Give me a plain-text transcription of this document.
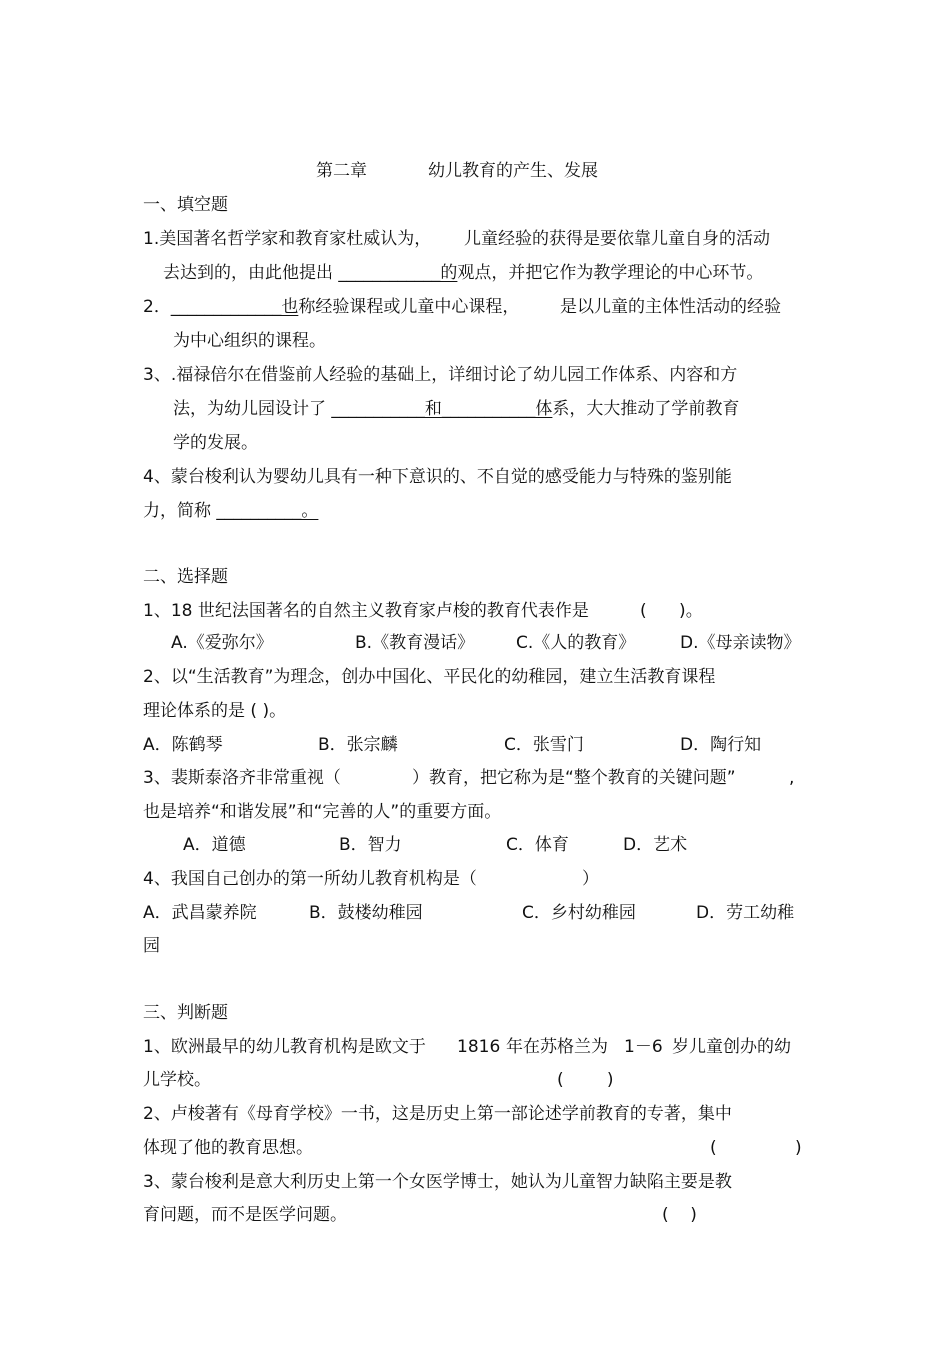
第二章	幼儿教育的产生、发展
一、填空题
1.美国著名哲学家和教育家杜威认为， 儿童经验的获得是要依靠儿童自身的活动
去达到的，由此他提出 ____________的观点，并把它作为教学理论的中心环节。
2．_____________也称经验课程或儿童中心课程， 是以儿童的主体性活动的经验
为中心组织的课程。
3、.福禄倍尔在借鉴前人经验的基础上，详细讨论了幼儿园工作体系、内容和方
法，为幼儿园设计了 ___________和___________体系，大大推动了学前教育
学的发展。
4、蒙台梭利认为婴幼儿具有一种下意识的、不自觉的感受能力与特殊的鉴别能
力，简称 __________。
二、选择题
1、18 世纪法国著名的自然主义教育家卢梭的教育代表作是	(      )。
A.《爱弥尔》	B.《教育漫话》 C.《人的教育》	D.《母亲读物》
2、以“生活教育”为理念，创办中国化、平民化的幼稚园，建立生活教育课程
理论体系的是 ( )。
A．陈鹤琴	B．张宗麟	C．张雪门	D．陶行知
3、裴斯泰洛齐非常重视（	）教育，把它称为是“整个教育的关键问题”	,
也是培养“和谐发展”和“完善的人”的重要方面。
A．道德	B．智力	C．体育	D．艺术
4、我国自己创办的第一所幼儿教育机构是（	）
A．武昌蒙养院	B．鼓楼幼稚园	C．乡村幼稚园	D．劳工幼稚
园
三、判断题
1、欧洲最早的幼儿教育机构是欧文于 1816 年在苏格兰为 1－6 岁儿童创办的幼
儿学校。	(        )
2、卢梭著有《母育学校》一书，这是历史上第一部论述学前教育的专著，集中
体现了他的教育思想。	(	)
3、蒙台梭利是意大利历史上第一个女医学博士，她认为儿童智力缺陷主要是教
育问题，而不是医学问题。	(    )
